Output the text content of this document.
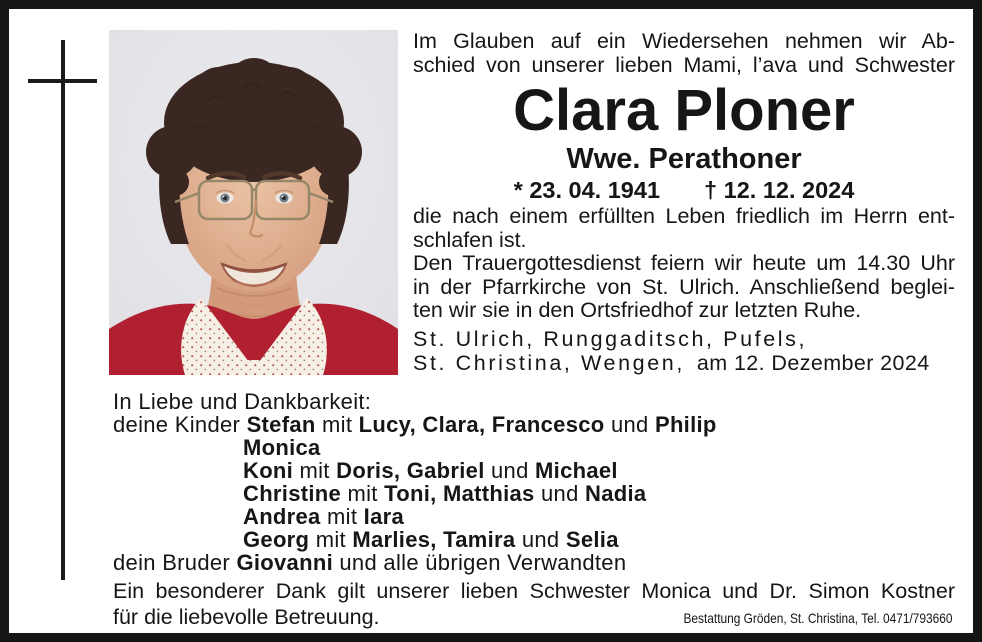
Im Glauben auf ein Wiedersehen nehmen wir Ab-
schied von unserer lieben Mami, l’ava und Schwester
Clara Ploner
Wwe. Perathoner
* 23. 04. 1941 † 12. 12. 2024
die nach einem erfüllten Leben friedlich im Herrn ent-
schlafen ist.
Den Trauergottesdienst feiern wir heute um 14.30 Uhr
in der Pfarrkirche von St. Ulrich. Anschließend beglei-
ten wir sie in den Ortsfriedhof zur letzten Ruhe.
St. Ulrich, Runggaditsch, Pufels,
St. Christina, Wengen, am 12. Dezember 2024
In Liebe und Dankbarkeit:
deine Kinder Stefan mit Lucy, Clara, Francesco und Philip
Monica
Koni mit Doris, Gabriel und Michael
Christine mit Toni, Matthias und Nadia
Andrea mit Iara
Georg mit Marlies, Tamira und Selia
dein Bruder Giovanni und alle übrigen Verwandten
Ein besonderer Dank gilt unserer lieben Schwester Monica und Dr. Simon Kostner
für die liebevolle Betreuung.	Bestattung Gröden, St. Christina, Tel. 0471/793660
